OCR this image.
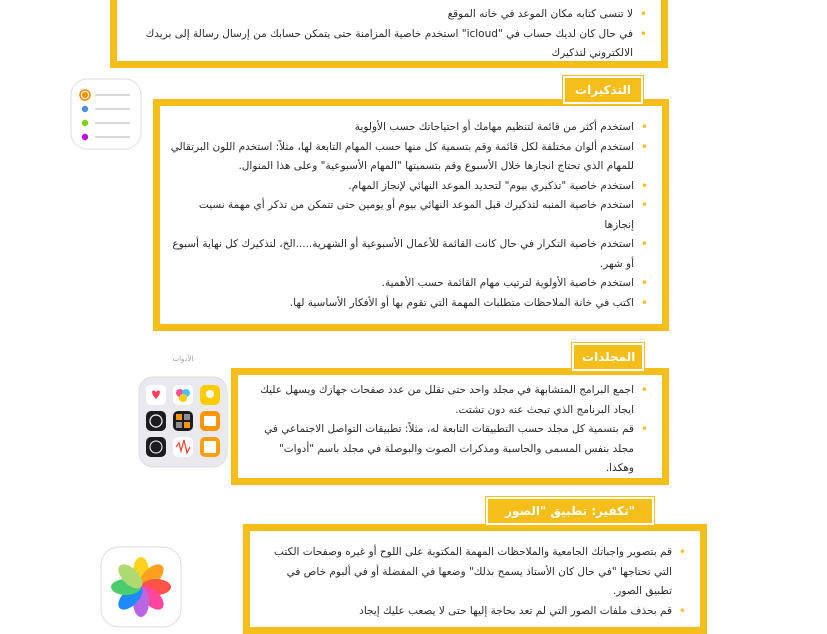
• لا تنسى كتابه مكان الموعد في خانه الموقع
• في حال كان لديك حساب في "icloud" استخدم خاصية المزامنة حتى يتمكن حسابك من إرسال رسالة إلى بريدك الالكتروني لتذكيرك
• استخدم أكثر من قائمة لتنظيم مهامك أو احتياجاتك حسب الأولوية
• استخدم ألوان مختلفة لكل قائمة وقم بتسمية كل منها حسب المهام التابعة لها، مثلاً: استخدم اللون البرتقالي للمهام الذي تحتاج انجازها خلال الأسبوع وقم بتسميتها "المهام الأسبوعية" وعلى هذا المنوال.
• استخدم خاصية "تذكيري بيوم" لتحديد الموعد النهائي لإنجاز المهام.
• استخدم خاصية المنبه لتذكيرك قبل الموعد النهائي بيوم أو يومين حتى تتمكن من تذكر أي مهمة نسيت إنجازها
• استخدم خاصية التكرار في حال كانت القائمة للأعمال الأسبوعية أو الشهرية.....الخ، لتذكيرك كل نهاية أسبوع أو شهر.
• استخدم خاصية الأولوية لترتيب مهام القائمة حسب الأهمية.
• اكتب في خانة الملاحظات متطلبات المهمة التي تقوم بها أو الأفكار الأساسية لها.
التذكيرات
الأدوات
• اجمع البرامج المتشابهة في مجلد واحد حتى تقلل من عدد صفحات جهازك ويسهل عليك ايجاد البرنامج الذي تبحث عنه دون تشتت.
• قم بتسمية كل مجلد حسب التطبيقات التابعة له، مثلاً: تطبيقات التواصل الاجتماعي في مجلد بنفس المسمى والحاسبة ومذكرات الصوت والبوصلة في مجلد باسم "أدوات" وهكذا.
المجلدات
• قم بتصوير واجباتك الجامعية والملاحظات المهمة المكتوبة على اللوح أو غيره وصفحات الكتب التي تحتاجها "في حال كان الأستاذ يسمح بذلك" وضعها في المفضلة أو في ألبوم خاص في تطبيق الصور.
• قم بحذف ملفات الصور التي لم تعد بحاجة إليها حتى لا يصعب عليك إيجاد
تكفير: تطبيق "الصور"
